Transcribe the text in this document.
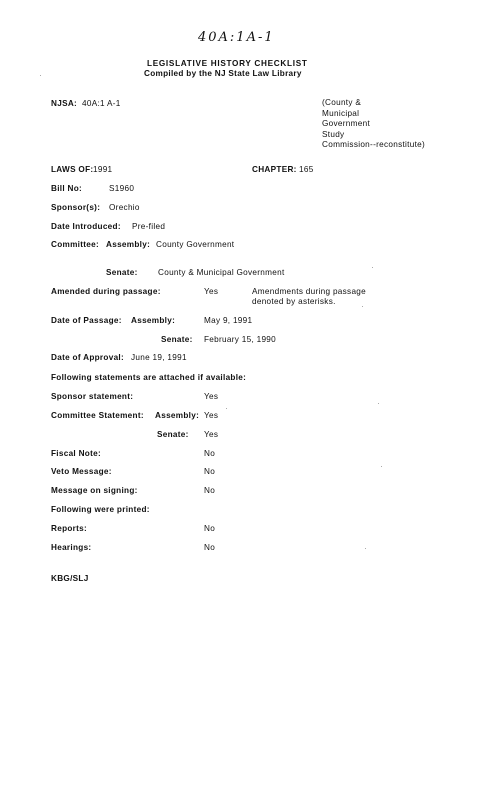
40A:1A-1
LEGISLATIVE HISTORY CHECKLIST
Compiled by the NJ State Law Library
NJSA: 40A:1 A-1	(County &
Municipal
Government
Study
Commission--reconstitute)
LAWS OF: 1991	CHAPTER: 165
Bill No:	S1960
Sponsor(s): Orechio
Date Introduced: Pre-filed
Committee: Assembly: County Government
Senate: County & Municipal Government
Amended during passage:	Yes	Amendments during passage
denoted by asterisks.
Date of Passage: Assembly:	May 9, 1991
Senate: February 15, 1990
Date of Approval: June 19, 1991
Following statements are attached if available:
Sponsor statement:	Yes
Committee Statement: Assembly: Yes
Senate: Yes
Fiscal Note:	No
Veto Message:	No
Message on signing:	No
Following were printed:
Reports:	No
Hearings:	No
KBG/SLJ
